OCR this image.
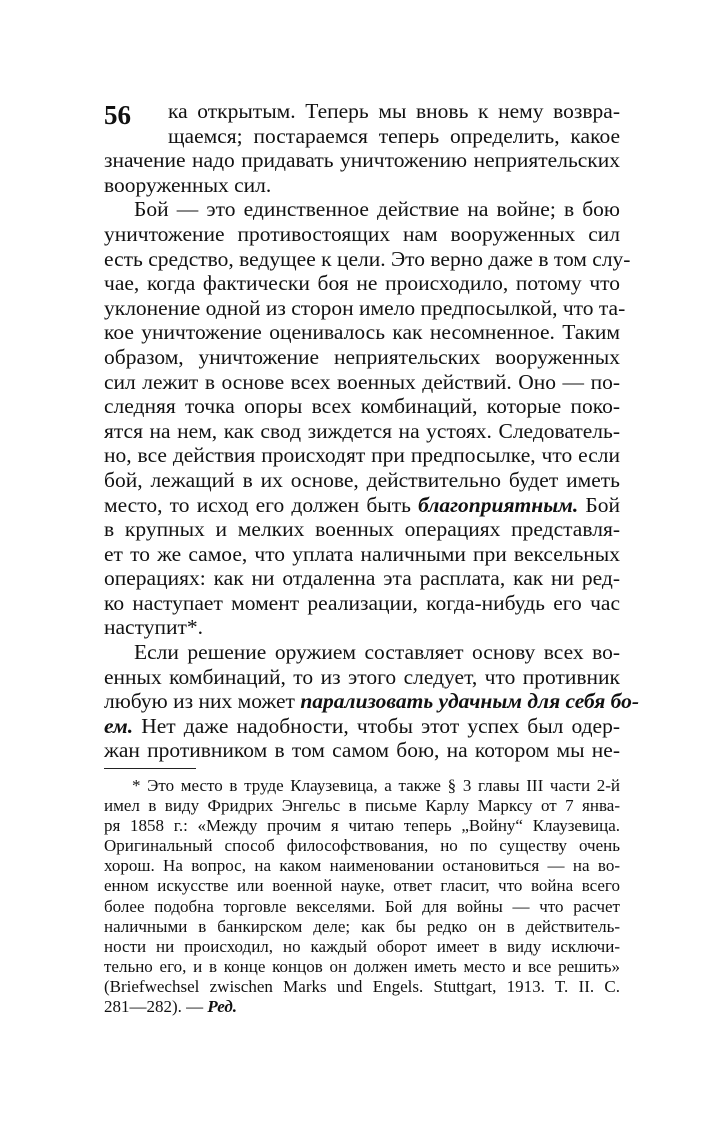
56 ка открытым. Теперь мы вновь к нему возвра-
щаемся; постараемся теперь определить, какое
значение надо придавать уничтожению неприятельских
вооруженных сил.
Бой — это единственное действие на войне; в бою
уничтожение противостоящих нам вооруженных сил
есть средство, ведущее к цели. Это верно даже в том слу-
чае, когда фактически боя не происходило, потому что
уклонение одной из сторон имело предпосылкой, что та-
кое уничтожение оценивалось как несомненное. Таким
образом, уничтожение неприятельских вооруженных
сил лежит в основе всех военных действий. Оно — по-
следняя точка опоры всех комбинаций, которые поко-
ятся на нем, как свод зиждется на устоях. Следователь-
но, все действия происходят при предпосылке, что если
бой, лежащий в их основе, действительно будет иметь
место, то исход его должен быть благоприятным. Бой
в крупных и мелких военных операциях представля-
ет то же самое, что уплата наличными при вексельных
операциях: как ни отдаленна эта расплата, как ни ред-
ко наступает момент реализации, когда-нибудь его час
наступит*.
Если решение оружием составляет основу всех во-
енных комбинаций, то из этого следует, что противник
любую из них может парализовать удачным для себя бо-
ем. Нет даже надобности, чтобы этот успех был одер-
жан противником в том самом бою, на котором мы не-
* Это место в труде Клаузевица, а также § 3 главы III части 2-й
имел в виду Фридрих Энгельс в письме Карлу Марксу от 7 янва-
ря 1858 г.: «Между прочим я читаю теперь „Войну“ Клаузевица.
Оригинальный способ философствования, но по существу очень
хорош. На вопрос, на каком наименовании остановиться — на во-
енном искусстве или военной науке, ответ гласит, что война всего
более подобна торговле векселями. Бой для войны — что расчет
наличными в банкирском деле; как бы редко он в действитель-
ности ни происходил, но каждый оборот имеет в виду исключи-
тельно его, и в конце концов он должен иметь место и все решить»
(Briefwechsel zwischen Marks und Engels. Stuttgart, 1913. T. II. C.
281—282). — Ред.
